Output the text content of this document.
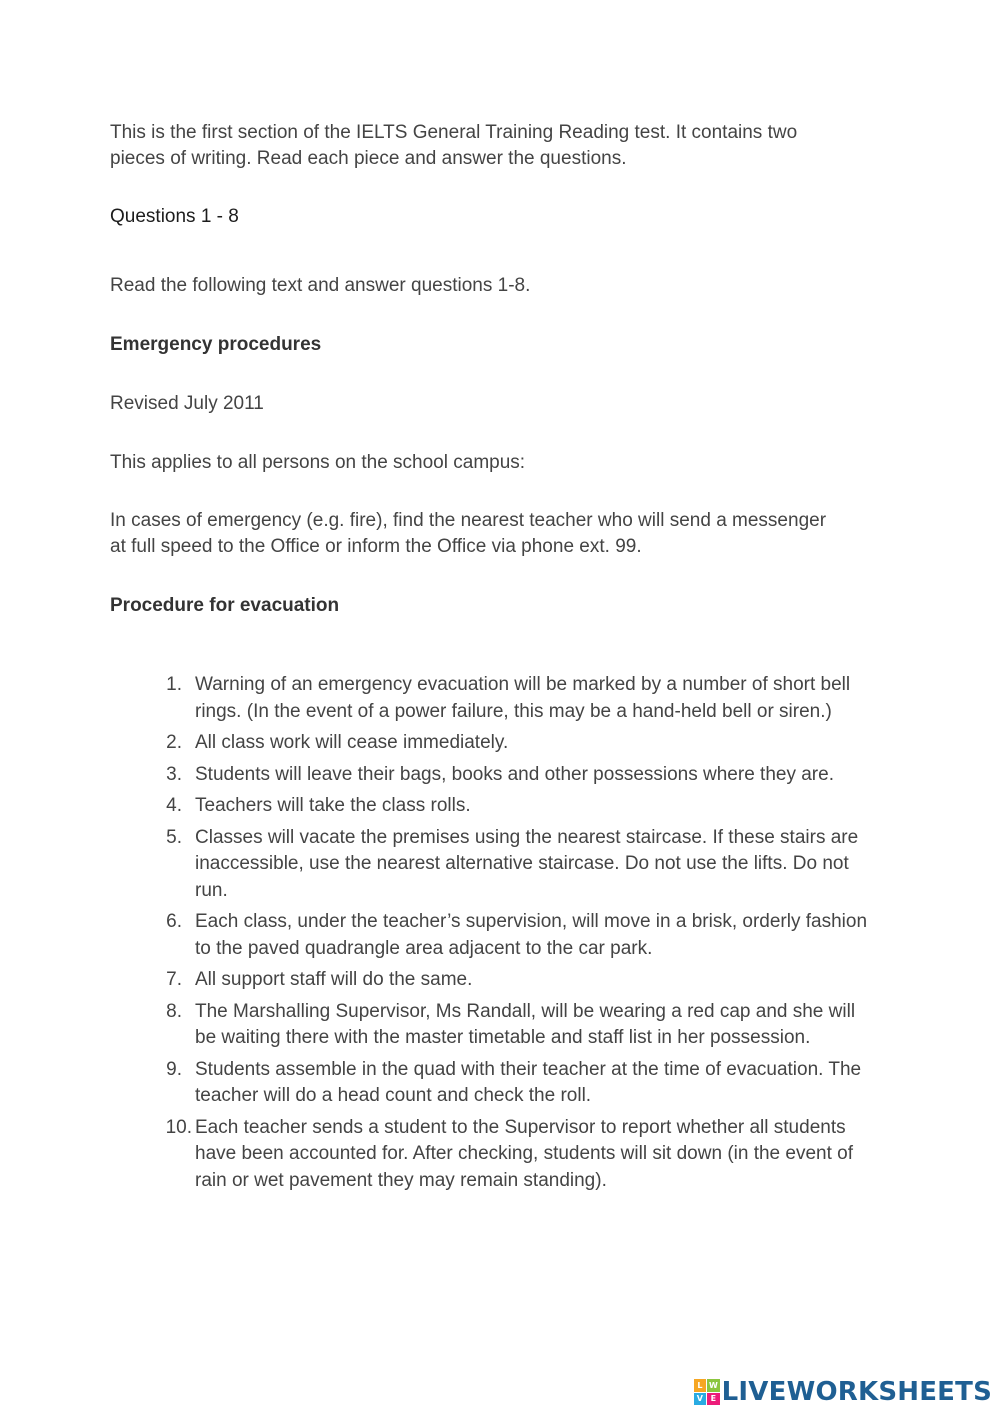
This is the first section of the IELTS General Training Reading test. It contains two
pieces of writing. Read each piece and answer the questions.

Questions 1 - 8

Read the following text and answer questions 1-8.

Emergency procedures

Revised July 2011

This applies to all persons on the school campus:

In cases of emergency (e.g. fire), find the nearest teacher who will send a messenger
at full speed to the Office or inform the Office via phone ext. 99.

Procedure for evacuation

1. Warning of an emergency evacuation will be marked by a number of short bell rings. (In the event of a power failure, this may be a hand-held bell or siren.)
2. All class work will cease immediately.
3. Students will leave their bags, books and other possessions where they are.
4. Teachers will take the class rolls.
5. Classes will vacate the premises using the nearest staircase. If these stairs are inaccessible, use the nearest alternative staircase. Do not use the lifts. Do not run.
6. Each class, under the teacher’s supervision, will move in a brisk, orderly fashion to the paved quadrangle area adjacent to the car park.
7. All support staff will do the same.
8. The Marshalling Supervisor, Ms Randall, will be wearing a red cap and she will be waiting there with the master timetable and staff list in her possession.
9. Students assemble in the quad with their teacher at the time of evacuation. The teacher will do a head count and check the roll.
10. Each teacher sends a student to the Supervisor to report whether all students have been accounted for. After checking, students will sit down (in the event of rain or wet pavement they may remain standing).
L W
V E LIVEWORKSHEETS
